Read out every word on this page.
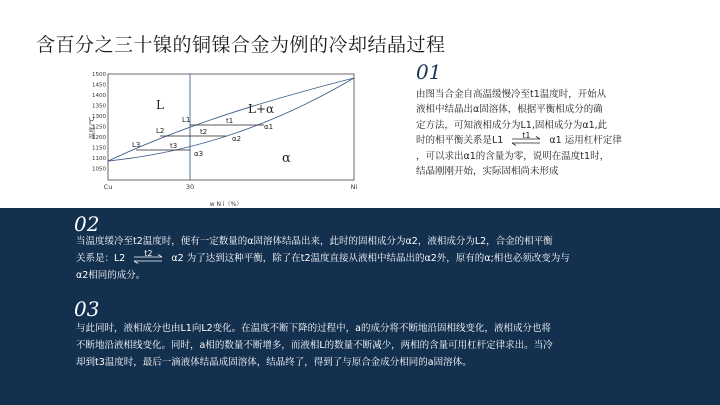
含百分之三十镍的铜镍合金为例的冷却结晶过程
1500
1450
1400
1350
1300
1250
1200
1150
1100
1050
温度/℃
L	L+α
α
L1
L2
L3
α1
α2
α3
t1
t2
t3
Cu	30	Ni
w N i（%）
01
由图当合金自高温缓慢冷至t1温度时，开始从
液相中结晶出α固溶体，根据平衡相成分的确
定方法，可知液相成分为L1,固相成分为α1,此
时的相平衡关系是L1	t1	α1 运用杠杆定律
，可以求出α1的含量为零，说明在温度t1时，
结晶刚刚开始，实际固相尚未形成
02
当温度缓冷至t2温度时，便有一定数量的α固溶体结晶出来，此时的固相成分为α2，液相成分为L2，合金的相平衡
关系是：L2	t2	α2 为了达到这种平衡，除了在t2温度直接从液相中结晶出的α2外，原有的α;相也必须改变为与
α2相同的成分。
03
与此同时，液相成分也由L1向L2变化。在温度不断下降的过程中，a的成分将不断地沿固相线变化，液相成分也将
不断地沿液相线变化。同时，a相的数量不断增多，而液相L的数量不断减少，两相的含量可用杠杆定律求出。当冷
却到t3温度时，最后一滴液体结晶成固溶体，结晶终了，得到了与原合金成分相同的a固溶体。
